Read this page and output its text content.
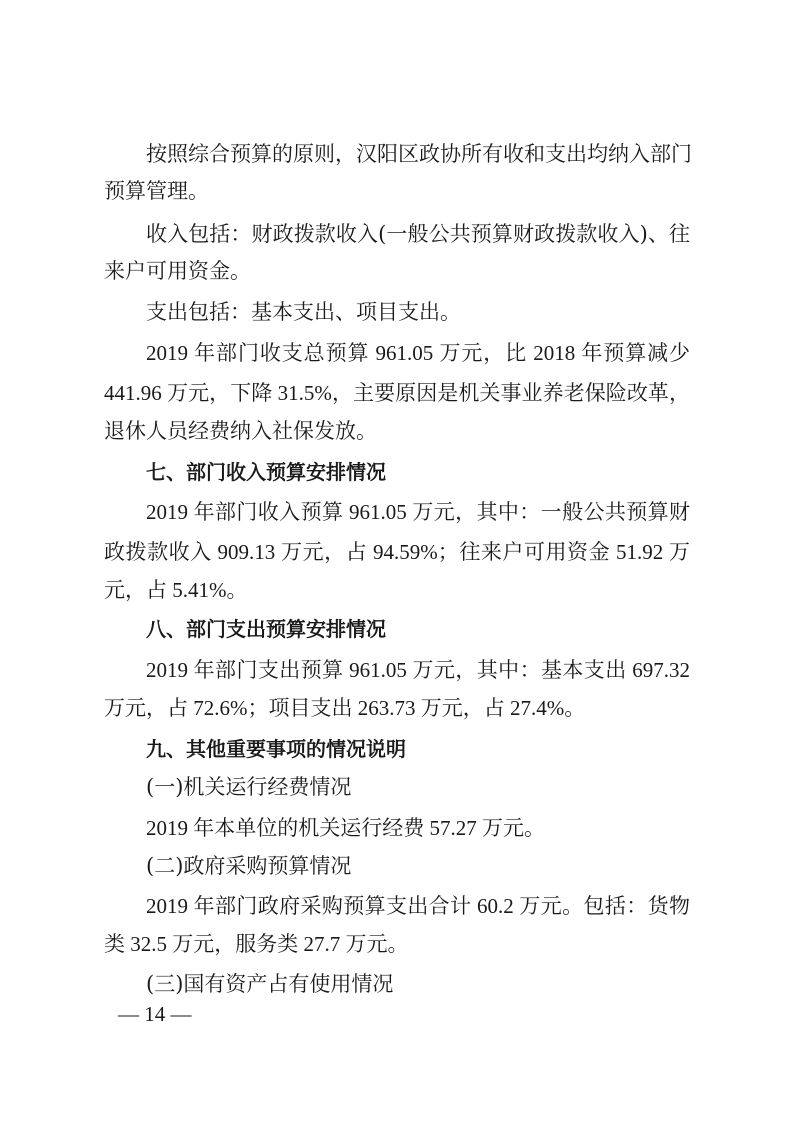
按照综合预算的原则，汉阳区政协所有收和支出均纳入部门
预算管理。
收入包括：财政拨款收入(一般公共预算财政拨款收入)、往
来户可用资金。
支出包括：基本支出、项目支出。
2019 年部门收支总预算 961.05 万元，比 2018 年预算减少
441.96 万元，下降 31.5%，主要原因是机关事业养老保险改革，
退休人员经费纳入社保发放。
七、部门收入预算安排情况
2019 年部门收入预算 961.05 万元，其中：一般公共预算财
政拨款收入 909.13 万元，占 94.59%；往来户可用资金 51.92 万
元，占 5.41%。
八、部门支出预算安排情况
2019 年部门支出预算 961.05 万元，其中：基本支出 697.32
万元，占 72.6%；项目支出 263.73 万元，占 27.4%。
九、其他重要事项的情况说明
(一)机关运行经费情况
2019 年本单位的机关运行经费 57.27 万元。
(二)政府采购预算情况
2019 年部门政府采购预算支出合计 60.2 万元。包括：货物
类 32.5 万元，服务类 27.7 万元。
(三)国有资产占有使用情况
— 14 —
